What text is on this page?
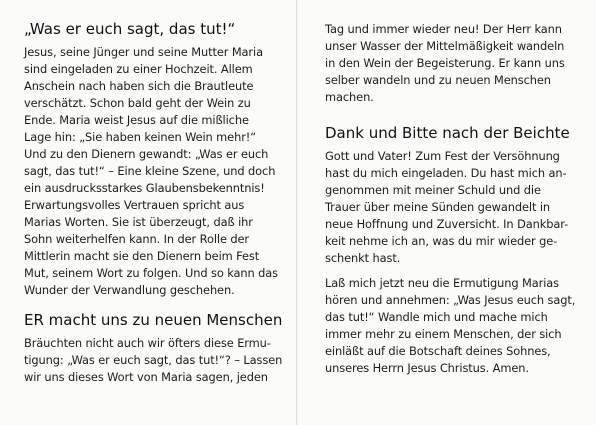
„Was er euch sagt, das tut!“

Jesus, seine Jünger und seine Mutter Maria
sind eingeladen zu einer Hochzeit. Allem
Anschein nach haben sich die Brautleute
verschätzt. Schon bald geht der Wein zu
Ende. Maria weist Jesus auf die mißliche
Lage hin: „Sie haben keinen Wein mehr!“
Und zu den Dienern gewandt: „Was er euch
sagt, das tut!“ – Eine kleine Szene, und doch
ein ausdrucksstarkes Glaubensbekenntnis!
Erwartungsvolles Vertrauen spricht aus
Marias Worten. Sie ist überzeugt, daß ihr
Sohn weiterhelfen kann. In der Rolle der
Mittlerin macht sie den Dienern beim Fest
Mut, seinem Wort zu folgen. Und so kann das
Wunder der Verwandlung geschehen.

ER macht uns zu neuen Menschen

Bräuchten nicht auch wir öfters diese Ermu-
tigung: „Was er euch sagt, das tut!“? – Lassen
wir uns dieses Wort von Maria sagen, jeden

Tag und immer wieder neu! Der Herr kann
unser Wasser der Mittelmäßigkeit wandeln
in den Wein der Begeisterung. Er kann uns
selber wandeln und zu neuen Menschen
machen.

Dank und Bitte nach der Beichte

Gott und Vater! Zum Fest der Versöhnung
hast du mich eingeladen. Du hast mich an-
genommen mit meiner Schuld und die
Trauer über meine Sünden gewandelt in
neue Hoffnung und Zuversicht. In Dankbar-
keit nehme ich an, was du mir wieder ge-
schenkt hast.

Laß mich jetzt neu die Ermutigung Marias
hören und annehmen: „Was Jesus euch sagt,
das tut!“ Wandle mich und mache mich
immer mehr zu einem Menschen, der sich
einläßt auf die Botschaft deines Sohnes,
unseres Herrn Jesus Christus. Amen.
